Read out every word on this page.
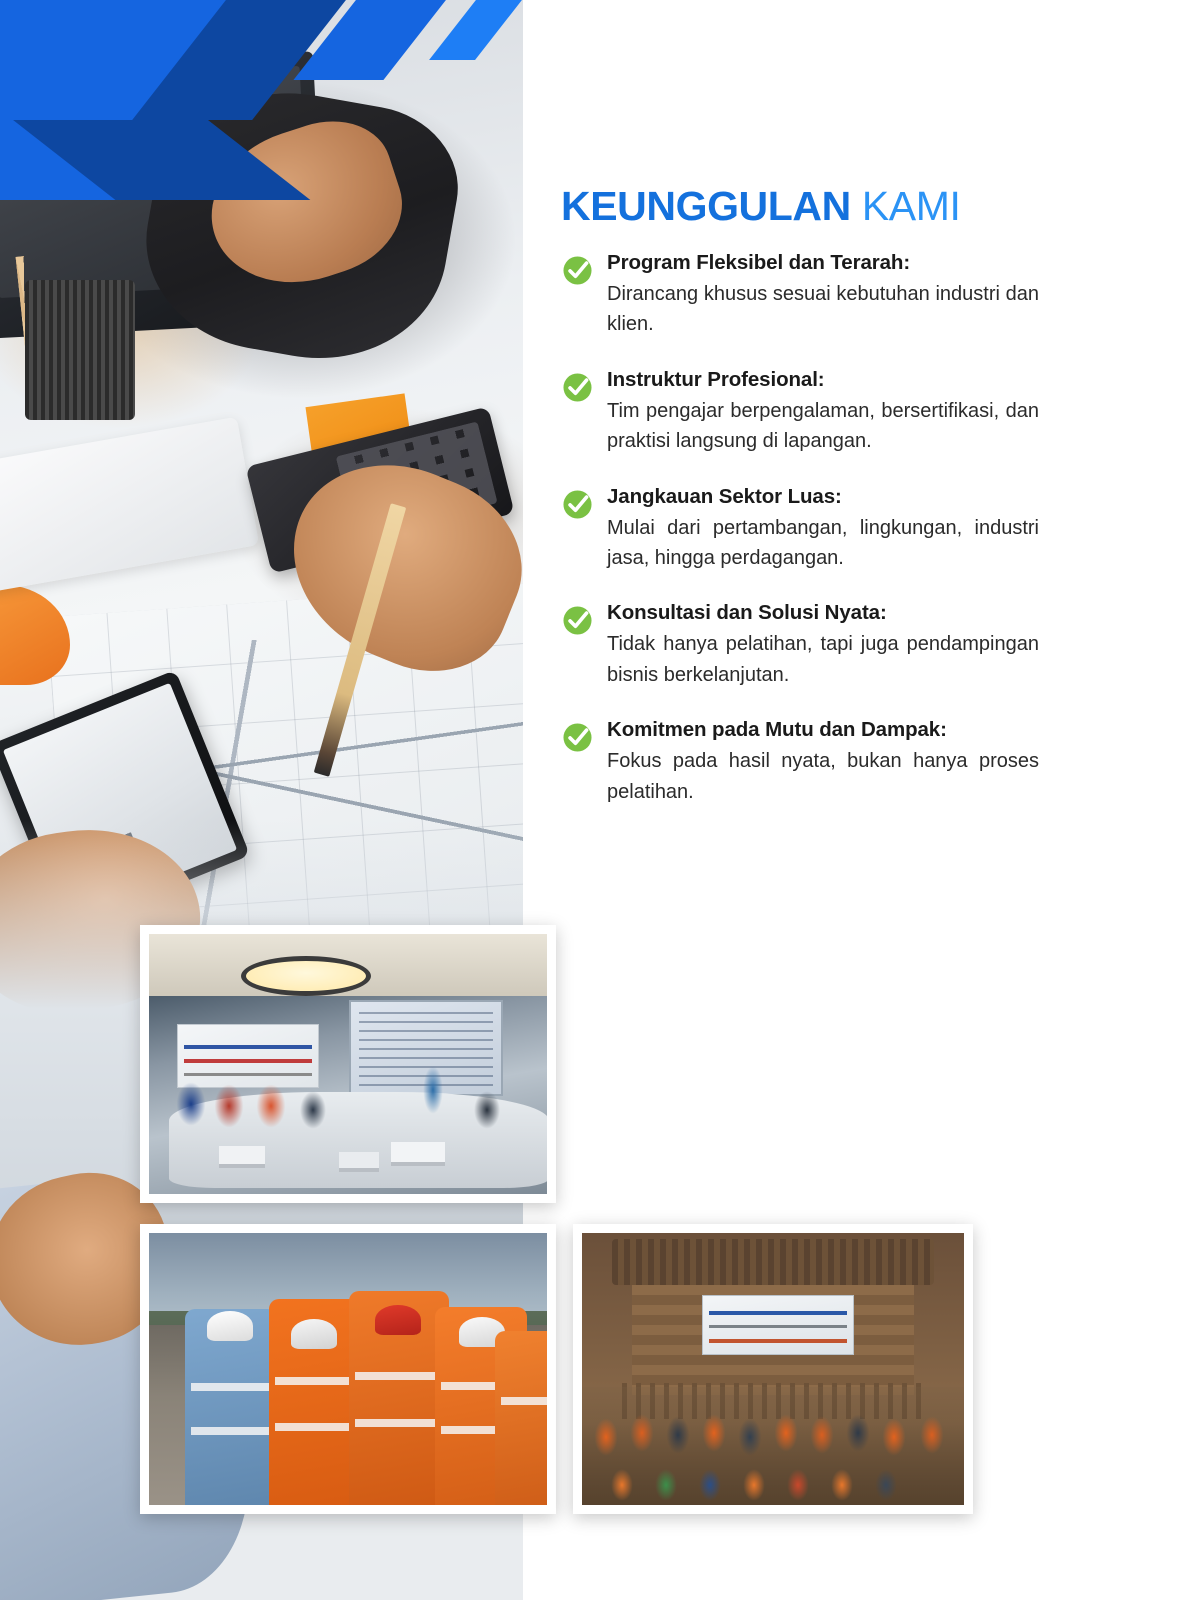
KEUNGGULAN KAMI

Program Fleksibel dan Terarah:

Dirancang khusus sesuai kebutuhan industri dan klien.

Instruktur Profesional:

Tim pengajar berpengalaman, bersertifikasi, dan praktisi langsung di lapangan.

Jangkauan Sektor Luas:

Mulai dari pertambangan, lingkungan, industri jasa, hingga perdagangan.

Konsultasi dan Solusi Nyata:

Tidak hanya pelatihan, tapi juga pendampingan bisnis berkelanjutan.

Komitmen pada Mutu dan Dampak:

Fokus pada hasil nyata, bukan hanya proses pelatihan.
